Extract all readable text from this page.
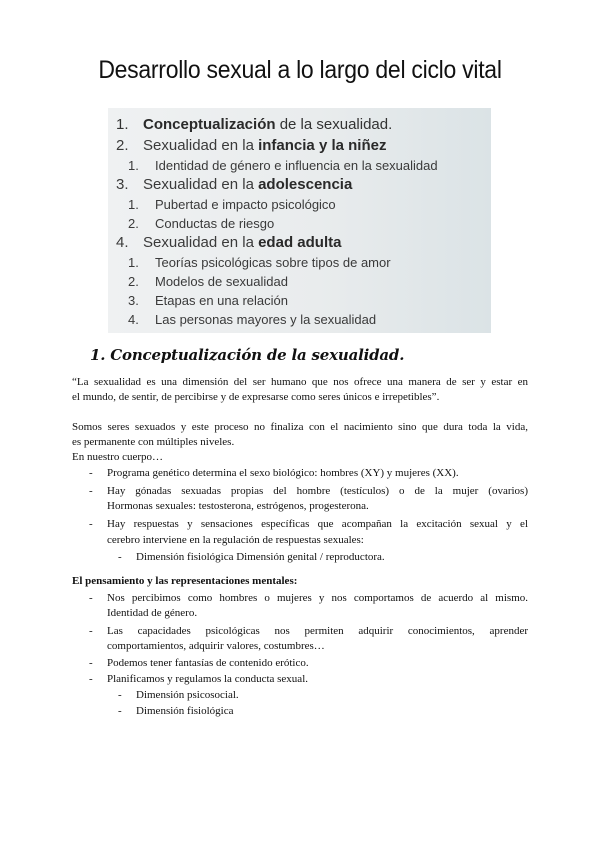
Desarrollo sexual a lo largo del ciclo vital
1. Conceptualización de la sexualidad.
2. Sexualidad en la infancia y la niñez
1. Identidad de género e influencia en la sexualidad
3. Sexualidad en la adolescencia
1. Pubertad e impacto psicológico
2. Conductas de riesgo
4. Sexualidad en la edad adulta
1. Teorías psicológicas sobre tipos de amor
2. Modelos de sexualidad
3. Etapas en una relación
4. Las personas mayores y la sexualidad
1. Conceptualización de la sexualidad.
“La sexualidad es una dimensión del ser humano que nos ofrece una manera de ser y estar en
el mundo, de sentir, de percibirse y de expresarse como seres únicos e irrepetibles”.
Somos seres sexuados y este proceso no finaliza con el nacimiento sino que dura toda la vida,
es permanente con múltiples niveles.
En nuestro cuerpo…
- Programa genético determina el sexo biológico: hombres (XY) y mujeres (XX).
- Hay gónadas sexuadas propias del hombre (testículos) o de la mujer (ovarios)
Hormonas sexuales: testosterona, estrógenos, progesterona.
- Hay respuestas y sensaciones específicas que acompañan la excitación sexual y el
cerebro interviene en la regulación de respuestas sexuales:
- Dimensión fisiológica Dimensión genital / reproductora.
El pensamiento y las representaciones mentales:
- Nos percibimos como hombres o mujeres y nos comportamos de acuerdo al mismo.
Identidad de género.
- Las capacidades psicológicas nos permiten adquirir conocimientos, aprender
comportamientos, adquirir valores, costumbres…
- Podemos tener fantasías de contenido erótico.
- Planificamos y regulamos la conducta sexual.
- Dimensión psicosocial.
- Dimensión fisiológica
